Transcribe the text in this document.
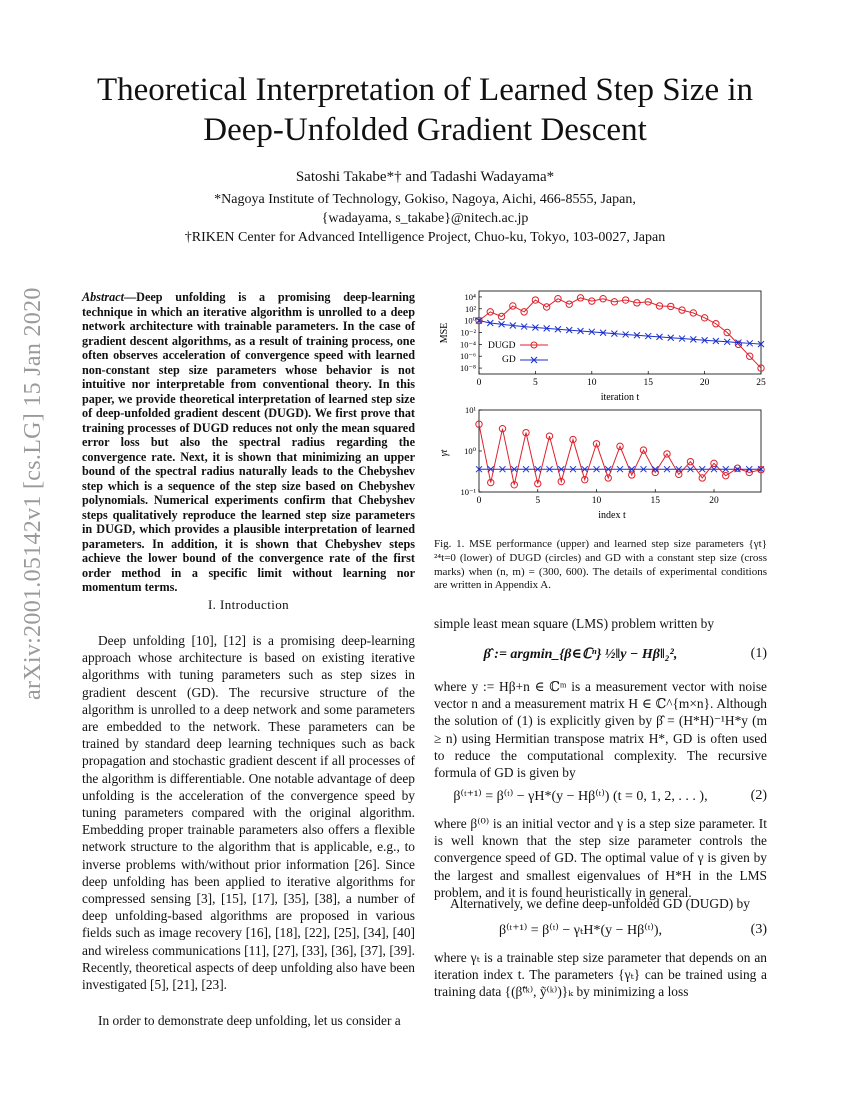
arXiv:2001.05142v1 [cs.LG] 15 Jan 2020
Theoretical Interpretation of Learned Step Size in
Deep-Unfolded Gradient Descent
Satoshi Takabe*† and Tadashi Wadayama*
*Nagoya Institute of Technology, Gokiso, Nagoya, Aichi, 466-8555, Japan,
{wadayama, s_takabe}@nitech.ac.jp
†RIKEN Center for Advanced Intelligence Project, Chuo-ku, Tokyo, 103-0027, Japan
Abstract—Deep unfolding is a promising deep-learning technique in which an iterative algorithm is unrolled to a deep network architecture with trainable parameters. In the case of gradient descent algorithms, as a result of training process, one often observes acceleration of convergence speed with learned non-constant step size parameters whose behavior is not intuitive nor interpretable from conventional theory. In this paper, we provide theoretical interpretation of learned step size of deep-unfolded gradient descent (DUGD). We first prove that training processes of DUGD reduces not only the mean squared error loss but also the spectral radius regarding the convergence rate. Next, it is shown that minimizing an upper bound of the spectral radius naturally leads to the Chebyshev step which is a sequence of the step size based on Chebyshev polynomials. Numerical experiments confirm that Chebyshev steps qualitatively reproduce the learned step size parameters in DUGD, which provides a plausible interpretation of learned parameters. In addition, it is shown that Chebyshev steps achieve the lower bound of the convergence rate of the first order method in a specific limit without learning nor momentum terms.
I. Introduction
Deep unfolding [10], [12] is a promising deep-learning approach whose architecture is based on existing iterative algorithms with tuning parameters such as step sizes in gradient descent (GD). The recursive structure of the algorithm is unrolled to a deep network and some parameters are embedded to the network. These parameters can be trained by standard deep learning techniques such as back propagation and stochastic gradient descent if all processes of the algorithm is differentiable. One notable advantage of deep unfolding is the acceleration of the convergence speed by tuning parameters compared with the original algorithm. Embedding proper trainable parameters also offers a flexible network structure to the algorithm that is applicable, e.g., to inverse problems with/without prior information [26]. Since deep unfolding has been applied to iterative algorithms for compressed sensing [3], [15], [17], [35], [38], a number of deep unfolding-based algorithms are proposed in various fields such as image recovery [16], [18], [22], [25], [34], [40] and wireless communications [11], [27], [33], [36], [37], [39]. Recently, theoretical aspects of deep unfolding also have been investigated [5], [21], [23].
In order to demonstrate deep unfolding, let us consider a
MSE
iteration t
10⁴
10²
10⁰
10⁻²
10⁻⁴
10⁻⁶
10⁻⁸
0	5	10	15	20	25
DUGD
GD
γt
index t
10¹
10⁰
10⁻¹
0	5	10	15	20
Fig. 1. MSE performance (upper) and learned step size parameters {γt}²⁴t=0 (lower) of DUGD (circles) and GD with a constant step size (cross marks) when (n, m) = (300, 600). The details of experimental conditions are written in Appendix A.
simple least mean square (LMS) problem written by
β̂ := argmin_{β∈ℂⁿ} ½‖y − Hβ‖₂²,	(1)
where y := Hβ+n ∈ ℂᵐ is a measurement vector with noise vector n and a measurement matrix H ∈ ℂ^{m×n}. Although the solution of (1) is explicitly given by β̂ = (H*H)⁻¹H*y (m ≥ n) using Hermitian transpose matrix H*, GD is often used to reduce the computational complexity. The recursive formula of GD is given by
β⁽ᵗ⁺¹⁾ = β⁽ᵗ⁾ − γH*(y − Hβ⁽ᵗ⁾) (t = 0, 1, 2, . . . ),	(2)
where β⁽⁰⁾ is an initial vector and γ is a step size parameter. It is well known that the step size parameter controls the convergence speed of GD. The optimal value of γ is given by the largest and smallest eigenvalues of H*H in the LMS problem, and it is found heuristically in general.
Alternatively, we define deep-unfolded GD (DUGD) by
β⁽ᵗ⁺¹⁾ = β⁽ᵗ⁾ − γₜH*(y − Hβ⁽ᵗ⁾),	(3)
where γₜ is a trainable step size parameter that depends on an iteration index t. The parameters {γₜ} can be trained using a training data {(β̃⁽ᵏ⁾, ỹ⁽ᵏ⁾)}ₖ by minimizing a loss
